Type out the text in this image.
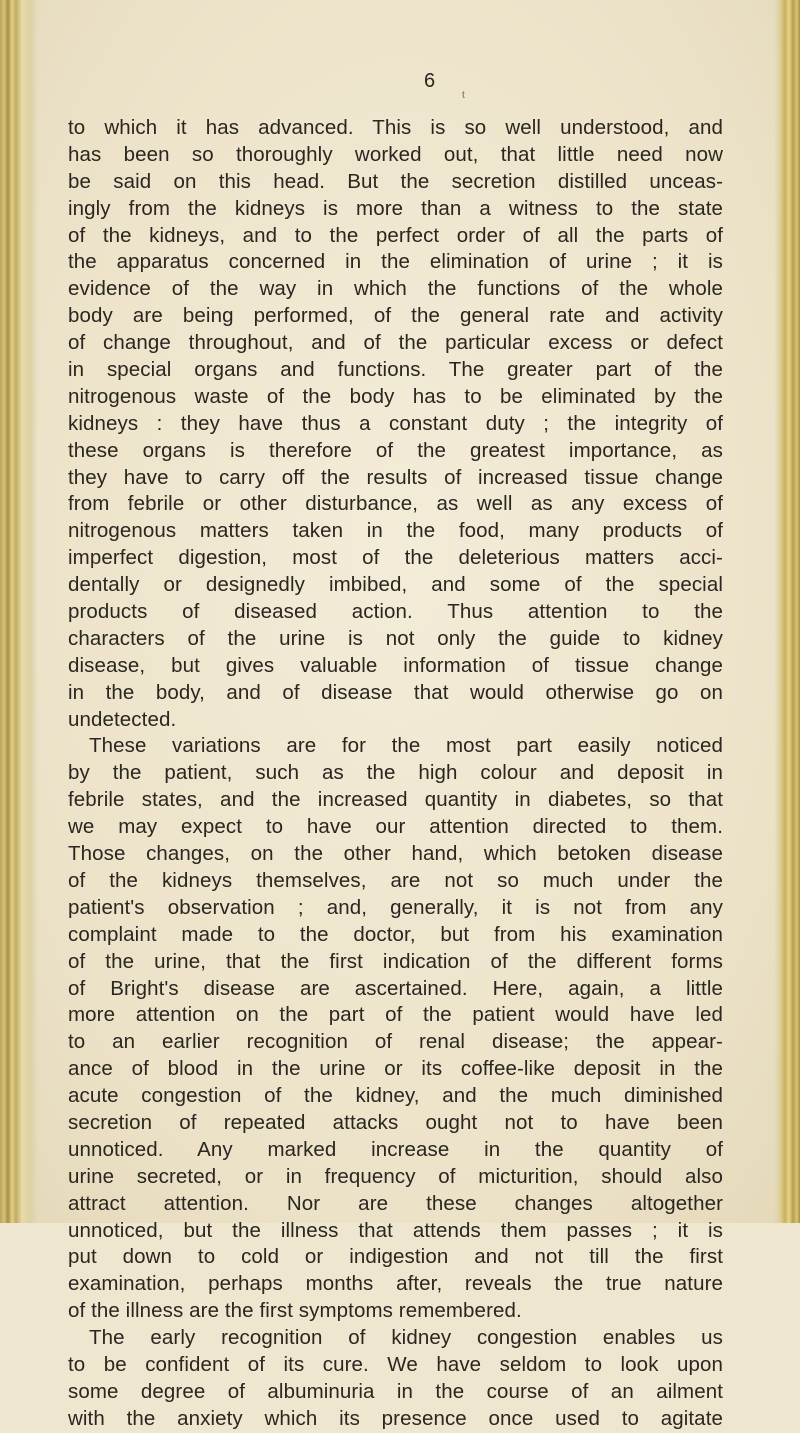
6
t
to which it has advanced. This is so well understood, and
has been so thoroughly worked out, that little need now
be said on this head. But the secretion distilled unceas-
ingly from the kidneys is more than a witness to the state
of the kidneys, and to the perfect order of all the parts of
the apparatus concerned in the elimination of urine ; it is
evidence of the way in which the functions of the whole
body are being performed, of the general rate and activity
of change throughout, and of the particular excess or defect
in special organs and functions. The greater part of the
nitrogenous waste of the body has to be eliminated by the
kidneys : they have thus a constant duty ; the integrity of
these organs is therefore of the greatest importance, as
they have to carry off the results of increased tissue change
from febrile or other disturbance, as well as any excess of
nitrogenous matters taken in the food, many products of
imperfect digestion, most of the deleterious matters acci-
dentally or designedly imbibed, and some of the special
products of diseased action. Thus attention to the
characters of the urine is not only the guide to kidney
disease, but gives valuable information of tissue change
in the body, and of disease that would otherwise go on
undetected.
These variations are for the most part easily noticed
by the patient, such as the high colour and deposit in
febrile states, and the increased quantity in diabetes, so that
we may expect to have our attention directed to them.
Those changes, on the other hand, which betoken disease
of the kidneys themselves, are not so much under the
patient's observation ; and, generally, it is not from any
complaint made to the doctor, but from his examination
of the urine, that the first indication of the different forms
of Bright's disease are ascertained. Here, again, a little
more attention on the part of the patient would have led
to an earlier recognition of renal disease; the appear-
ance of blood in the urine or its coffee-like deposit in the
acute congestion of the kidney, and the much diminished
secretion of repeated attacks ought not to have been
unnoticed. Any marked increase in the quantity of
urine secreted, or in frequency of micturition, should also
attract attention. Nor are these changes altogether
unnoticed, but the illness that attends them passes ; it is
put down to cold or indigestion and not till the first
examination, perhaps months after, reveals the true nature
of the illness are the first symptoms remembered.
The early recognition of kidney congestion enables us
to be confident of its cure. We have seldom to look upon
some degree of albuminuria in the course of an ailment
with the anxiety which its presence once used to agitate
